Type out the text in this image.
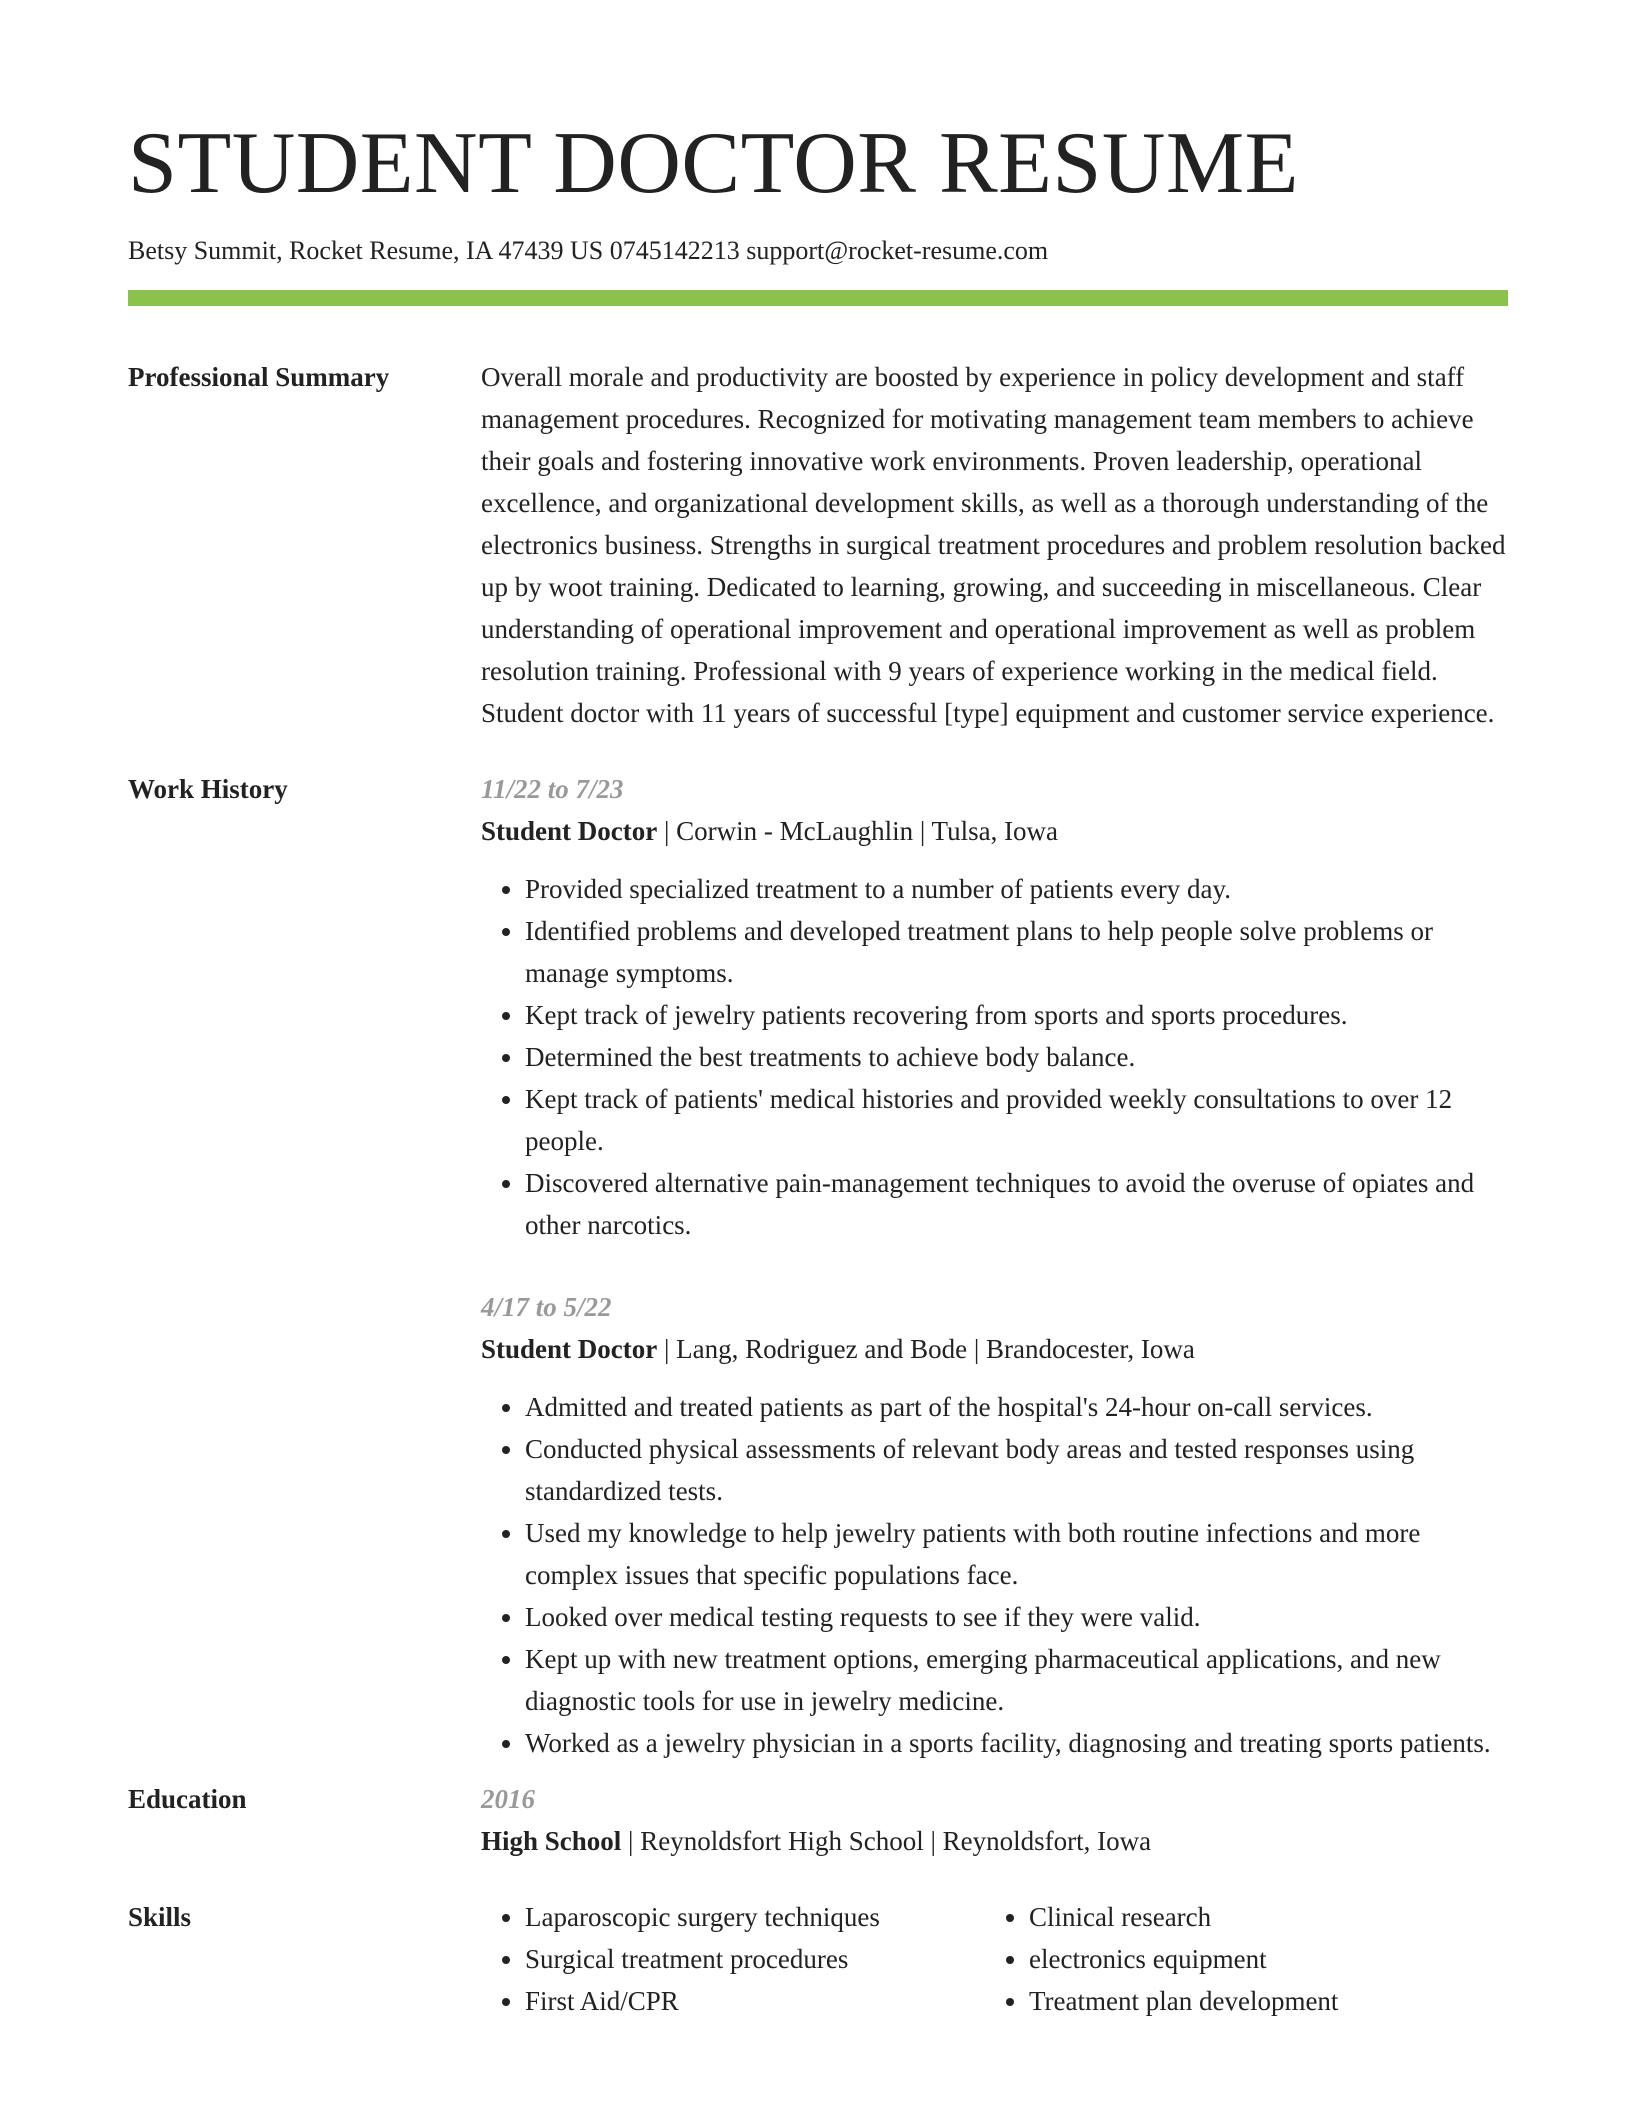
STUDENT DOCTOR RESUME
Betsy Summit, Rocket Resume, IA 47439 US 0745142213 support@rocket-resume.com
Professional Summary	Overall morale and productivity are boosted by experience in policy development and staff management procedures. Recognized for motivating management team members to achieve their goals and fostering innovative work environments. Proven leadership, operational excellence, and organizational development skills, as well as a thorough understanding of the electronics business. Strengths in surgical treatment procedures and problem resolution backed up by woot training. Dedicated to learning, growing, and succeeding in miscellaneous. Clear understanding of operational improvement and operational improvement as well as problem resolution training. Professional with 9 years of experience working in the medical field. Student doctor with 11 years of successful [type] equipment and customer service experience.
Work History	11/22 to 7/23
Student Doctor | Corwin - McLaughlin | Tulsa, Iowa
• Provided specialized treatment to a number of patients every day.
• Identified problems and developed treatment plans to help people solve problems or manage symptoms.
• Kept track of jewelry patients recovering from sports and sports procedures.
• Determined the best treatments to achieve body balance.
• Kept track of patients' medical histories and provided weekly consultations to over 12 people.
• Discovered alternative pain-management techniques to avoid the overuse of opiates and other narcotics.
4/17 to 5/22
Student Doctor | Lang, Rodriguez and Bode | Brandocester, Iowa
• Admitted and treated patients as part of the hospital's 24-hour on-call services.
• Conducted physical assessments of relevant body areas and tested responses using standardized tests.
• Used my knowledge to help jewelry patients with both routine infections and more complex issues that specific populations face.
• Looked over medical testing requests to see if they were valid.
• Kept up with new treatment options, emerging pharmaceutical applications, and new diagnostic tools for use in jewelry medicine.
• Worked as a jewelry physician in a sports facility, diagnosing and treating sports patients.
Education	2016
High School | Reynoldsfort High School | Reynoldsfort, Iowa
Skills
•	Laparoscopic surgery techniques
• Surgical treatment procedures
• First Aid/CPR
• Clinical research
• electronics equipment
• Treatment plan development
